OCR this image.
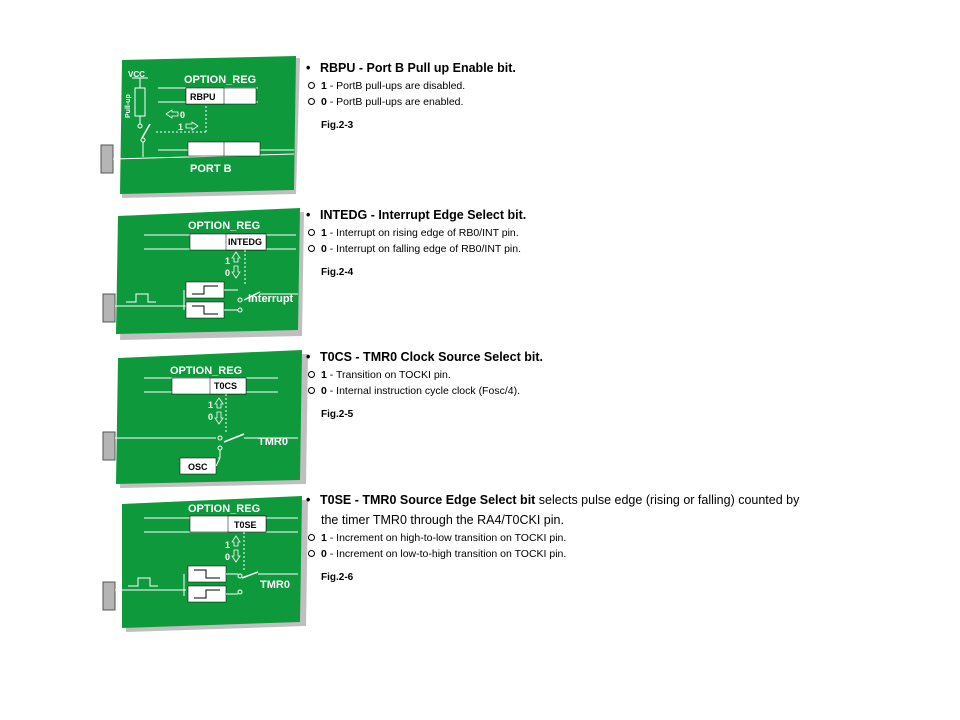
VCC
Pull-up
OPTION_REG
RBPU
0
1
Pin
PORT B
OPTION_REG
INTEDG
1
0
Pin RB0/AN12/INT
Interrupt
OPTION_REG
T0CS
1
0
Pin RA4/T0CKI/C1OUT
TMR0
OSC
OPTION_REG
T0SE
1
0
Pin RA4/T0CKI/C1OUT
TMR0
• RBPU - Port B Pull up Enable bit.
1 - PortB pull-ups are disabled.
0 - PortB pull-ups are enabled.
Fig.2-3
• INTEDG - Interrupt Edge Select bit.
1 - Interrupt on rising edge of RB0/INT pin.
0 - Interrupt on falling edge of RB0/INT pin.
Fig.2-4
• T0CS - TMR0 Clock Source Select bit.
1 - Transition on TOCKI pin.
0 - Internal instruction cycle clock (Fosc/4).
Fig.2-5
• T0SE - TMR0 Source Edge Select bit selects pulse edge (rising or falling) counted by
the timer TMR0 through the RA4/T0CKI pin.
1 - Increment on high-to-low transition on TOCKI pin.
0 - Increment on low-to-high transition on TOCKI pin.
Fig.2-6
